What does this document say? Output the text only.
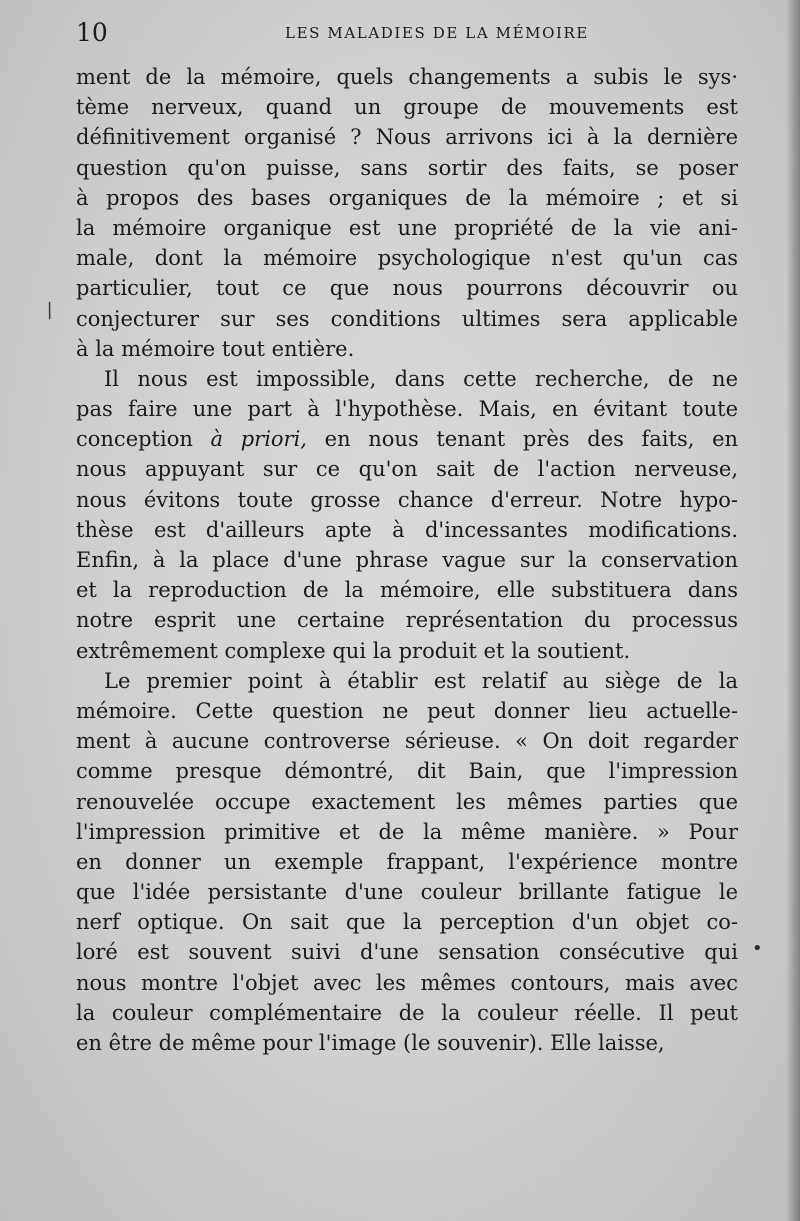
10	LES MALADIES DE LA MÉMOIRE
/
•
ment de la mémoire, quels changements a subis le sys·
tème nerveux, quand un groupe de mouvements est
définitivement organisé ? Nous arrivons ici à la dernière
question qu'on puisse, sans sortir des faits, se poser
à propos des bases organiques de la mémoire ; et si
la mémoire organique est une propriété de la vie ani-
male, dont la mémoire psychologique n'est qu'un cas
particulier, tout ce que nous pourrons découvrir ou
conjecturer sur ses conditions ultimes sera applicable
à la mémoire tout entière.
Il nous est impossible, dans cette recherche, de ne
pas faire une part à l'hypothèse. Mais, en évitant toute
conception à priori, en nous tenant près des faits, en
nous appuyant sur ce qu'on sait de l'action nerveuse,
nous évitons toute grosse chance d'erreur. Notre hypo-
thèse est d'ailleurs apte à d'incessantes modifications.
Enfin, à la place d'une phrase vague sur la conservation
et la reproduction de la mémoire, elle substituera dans
notre esprit une certaine représentation du processus
extrêmement complexe qui la produit et la soutient.
Le premier point à établir est relatif au siège de la
mémoire. Cette question ne peut donner lieu actuelle-
ment à aucune controverse sérieuse. « On doit regarder
comme presque démontré, dit Bain, que l'impression
renouvelée occupe exactement les mêmes parties que
l'impression primitive et de la même manière. » Pour
en donner un exemple frappant, l'expérience montre
que l'idée persistante d'une couleur brillante fatigue le
nerf optique. On sait que la perception d'un objet co-
loré est souvent suivi d'une sensation consécutive qui
nous montre l'objet avec les mêmes contours, mais avec
la couleur complémentaire de la couleur réelle. Il peut
en être de même pour l'image (le souvenir). Elle laisse,
